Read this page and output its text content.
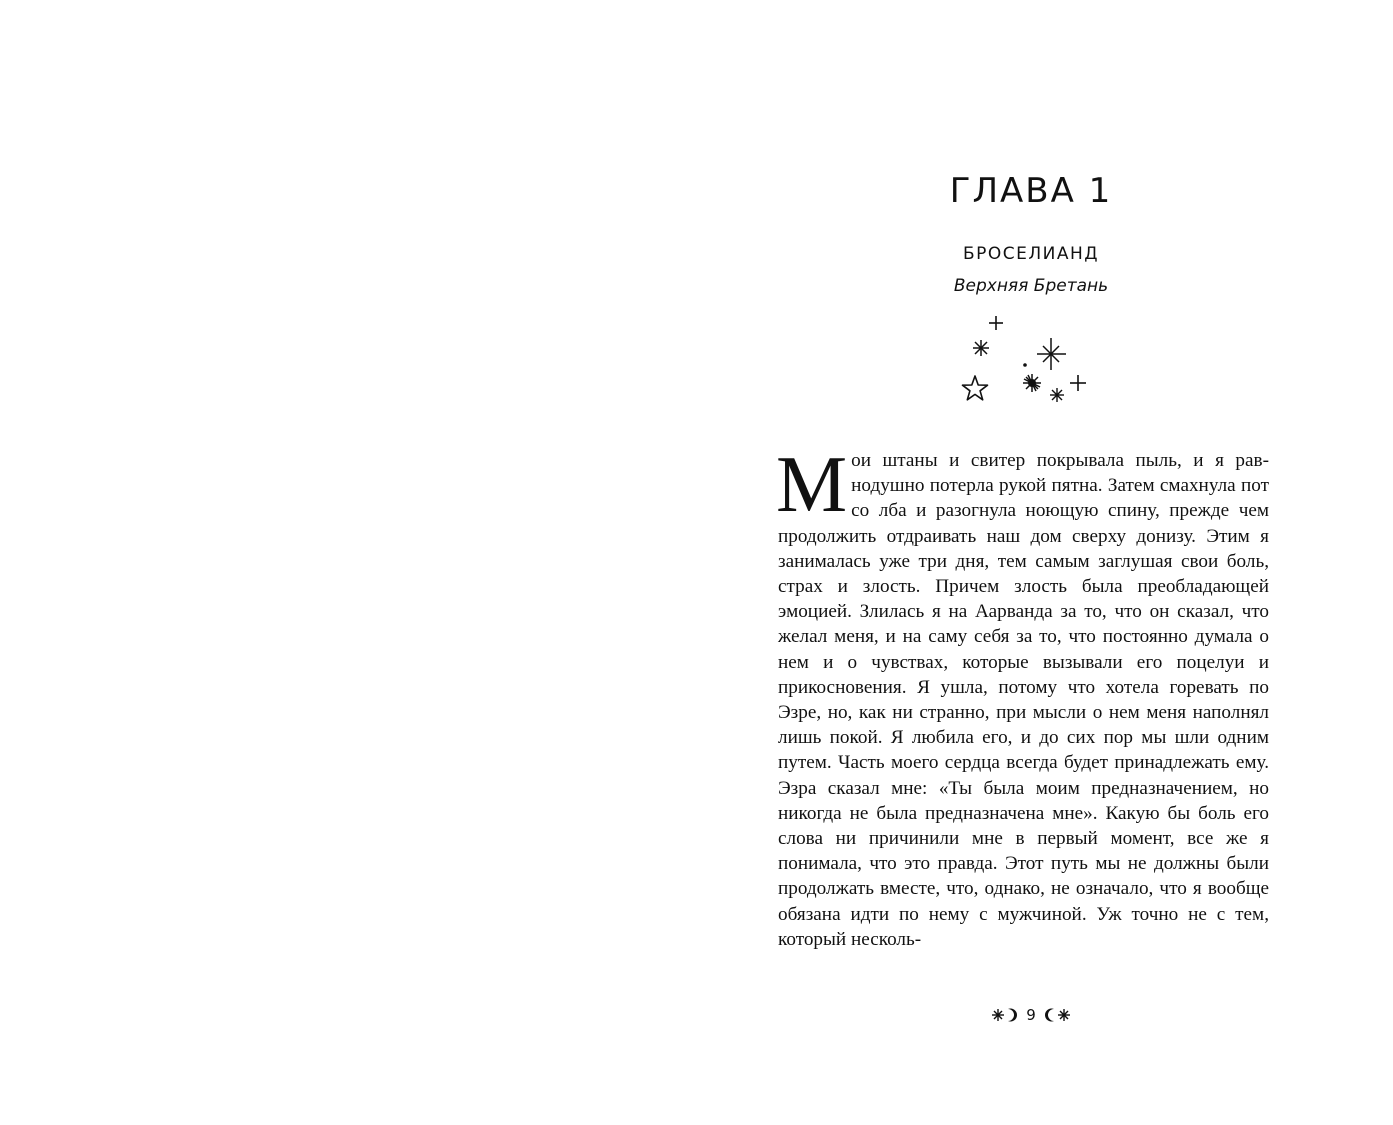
ГЛАВА 1
БРОСЕЛИАНД
Верхняя Бретань

Мои штаны и свитер покрывала пыль, и я равнодушно потерла рукой пятна. Затем смахнула пот со лба и разогнула ноющую спину, прежде чем продолжить отдраивать наш дом сверху донизу. Этим я занималась уже три дня, тем самым заглушая свои боль, страх и злость. Причем злость была преобладающей эмоцией. Злилась я на Аарванда за то, что он сказал, что желал меня, и на саму себя за то, что постоянно думала о нем и о чувствах, которые вызывали его поцелуи и прикосновения. Я ушла, потому что хотела горевать по Эзре, но, как ни странно, при мысли о нем меня наполнял лишь покой. Я любила его, и до сих пор мы шли одним путем. Часть моего сердца всегда будет принадлежать ему. Эзра сказал мне: «Ты была моим предназначением, но никогда не была предназначена мне». Какую бы боль его слова ни причинили мне в первый момент, все же я понимала, что это правда. Этот путь мы не должны были продолжать вместе, что, однако, не означало, что я вообще обязана идти по нему с мужчиной. Уж точно не с тем, который несколь-

9
